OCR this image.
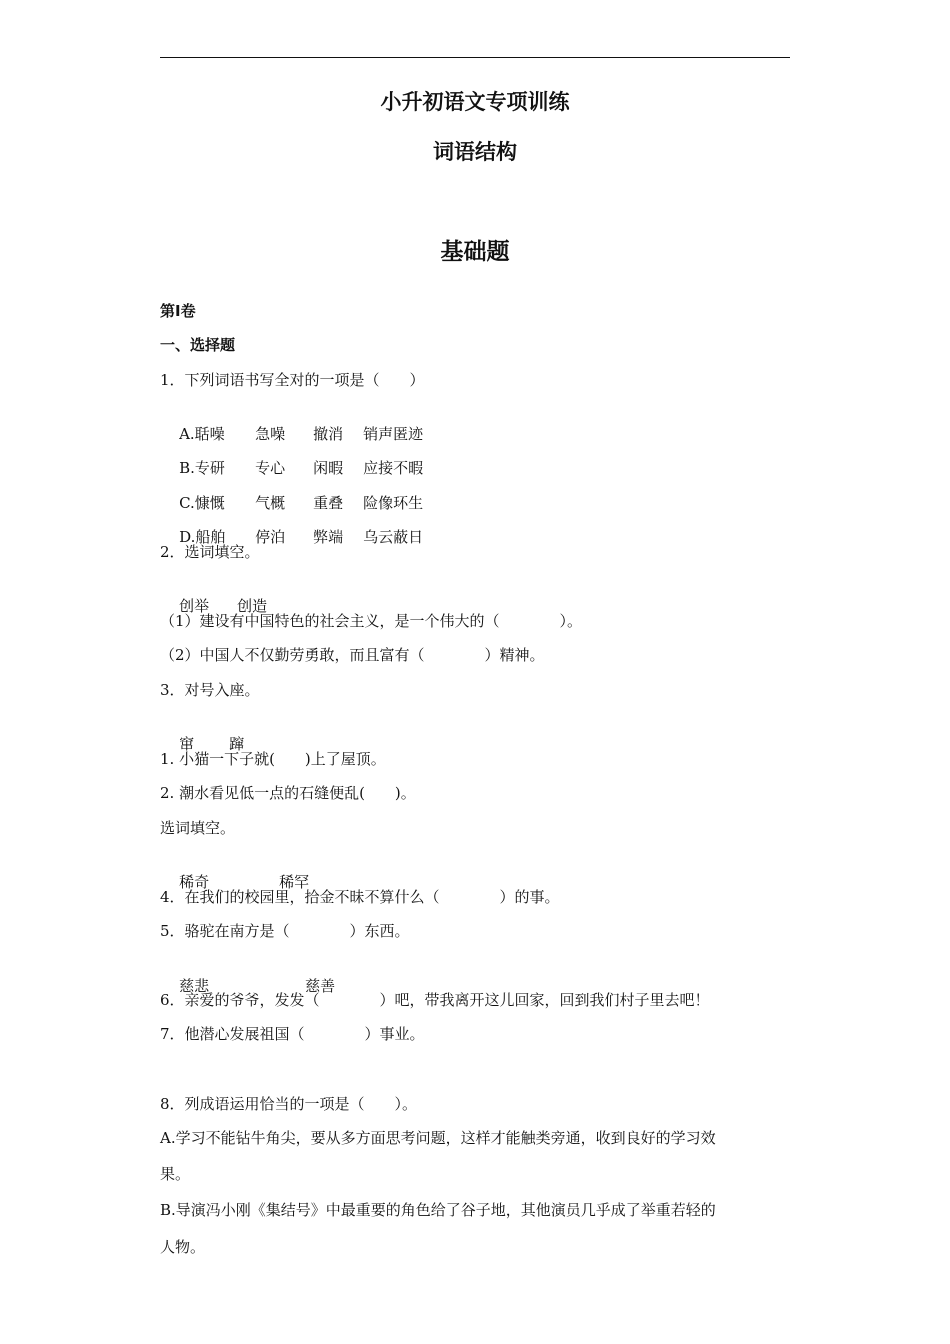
小升初语文专项训练
词语结构
基础题
第Ⅰ卷
一、选择题
1．下列词语书写全对的一项是（　　）

A.聒噪 急噪 撤消 销声匿迹

B.专研 专心 闲暇 应接不暇

C.慷慨 气概 重叠 险像环生

D.船舶 停泊 弊端 乌云蔽日

2．选词填空。

创举 创造

（1）建设有中国特色的社会主义，是一个伟大的（　　　　）。
（2）中国人不仅勤劳勇敢，而且富有（　　　　）精神。
3．对号入座。

窜 蹿

1. 小猫一下子就(　　)上了屋顶。
2. 潮水看见低一点的石缝便乱(　　)。
选词填空。

稀奇	稀罕

4．在我们的校园里，拾金不昧不算什么（　　　　）的事。
5．骆驼在南方是（　　　　）东西。

慈悲	慈善

6．亲爱的爷爷，发发（　　　　）吧，带我离开这儿回家，回到我们村子里去吧！
7．他潜心发展祖国（　　　　）事业。
8．列成语运用恰当的一项是（　　）。
A.学习不能钻牛角尖，要从多方面思考问题，这样才能触类旁通，收到良好的学习效
果。
B.导演冯小刚《集结号》中最重要的角色给了谷子地，其他演员几乎成了举重若轻的
人物。
